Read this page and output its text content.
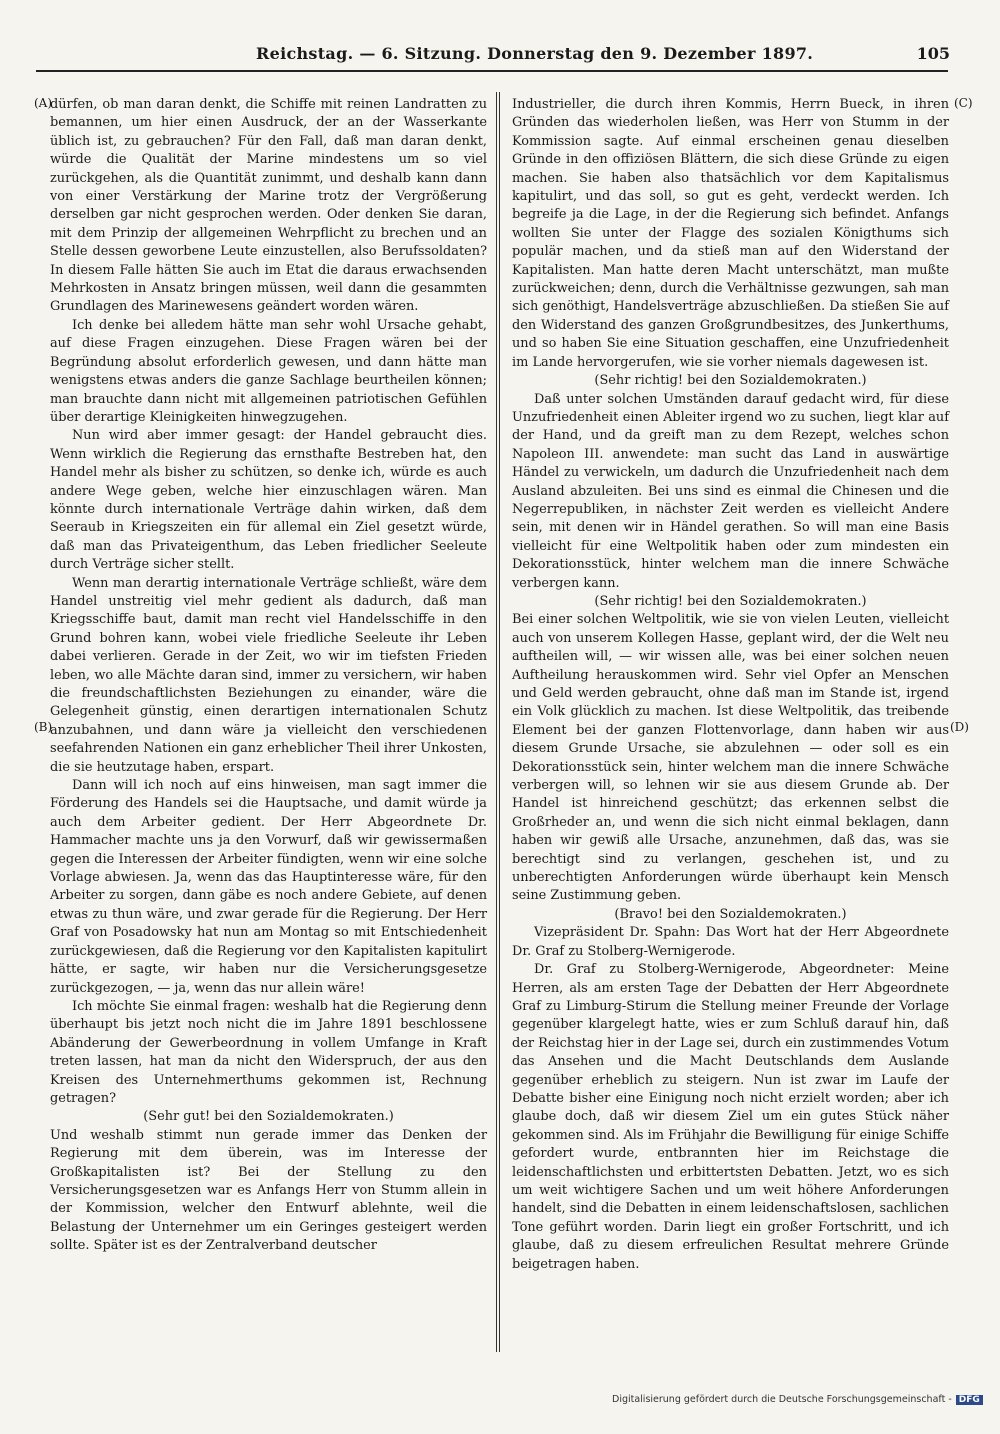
Reichstag. — 6. Sitzung. Donnerstag den 9. Dezember 1897.	105
(A)
(B)
(C)
(D)

dürfen, ob man daran denkt, die Schiffe mit reinen Landratten zu bemannen, um hier einen Ausdruck, der an der Wasserkante üblich ist, zu gebrauchen? Für den Fall, daß man daran denkt, würde die Qualität der Marine mindestens um so viel zurückgehen, als die Quantität zunimmt, und deshalb kann dann von einer Verstärkung der Marine trotz der Vergrößerung derselben gar nicht gesprochen werden. Oder denken Sie daran, mit dem Prinzip der allgemeinen Wehrpflicht zu brechen und an Stelle dessen geworbene Leute einzustellen, also Berufssoldaten? In diesem Falle hätten Sie auch im Etat die daraus erwachsenden Mehrkosten in Ansatz bringen müssen, weil dann die gesammten Grundlagen des Marinewesens geändert worden wären.

Ich denke bei alledem hätte man sehr wohl Ursache gehabt, auf diese Fragen einzugehen. Diese Fragen wären bei der Begründung absolut erforderlich gewesen, und dann hätte man wenigstens etwas anders die ganze Sachlage beurtheilen können; man brauchte dann nicht mit allgemeinen patriotischen Gefühlen über derartige Kleinigkeiten hinwegzugehen.

Nun wird aber immer gesagt: der Handel gebraucht dies. Wenn wirklich die Regierung das ernsthafte Bestreben hat, den Handel mehr als bisher zu schützen, so denke ich, würde es auch andere Wege geben, welche hier einzuschlagen wären. Man könnte durch internationale Verträge dahin wirken, daß dem Seeraub in Kriegszeiten ein für allemal ein Ziel gesetzt würde, daß man das Privateigenthum, das Leben friedlicher Seeleute durch Verträge sicher stellt.

Wenn man derartig internationale Verträge schließt, wäre dem Handel unstreitig viel mehr gedient als dadurch, daß man Kriegsschiffe baut, damit man recht viel Handelsschiffe in den Grund bohren kann, wobei viele friedliche Seeleute ihr Leben dabei verlieren. Gerade in der Zeit, wo wir im tiefsten Frieden leben, wo alle Mächte daran sind, immer zu versichern, wir haben die freundschaftlichsten Beziehungen zu einander, wäre die Gelegenheit günstig, einen derartigen internationalen Schutz anzubahnen, und dann wäre ja vielleicht den verschiedenen seefahrenden Nationen ein ganz erheblicher Theil ihrer Unkosten, die sie heutzutage haben, erspart.

Dann will ich noch auf eins hinweisen, man sagt immer die Förderung des Handels sei die Hauptsache, und damit würde ja auch dem Arbeiter gedient. Der Herr Abgeordnete Dr. Hammacher machte uns ja den Vorwurf, daß wir gewissermaßen gegen die Interessen der Arbeiter fündigten, wenn wir eine solche Vorlage abwiesen. Ja, wenn das das Hauptinteresse wäre, für den Arbeiter zu sorgen, dann gäbe es noch andere Gebiete, auf denen etwas zu thun wäre, und zwar gerade für die Regierung. Der Herr Graf von Posadowsky hat nun am Montag so mit Entschiedenheit zurückgewiesen, daß die Regierung vor den Kapitalisten kapitulirt hätte, er sagte, wir haben nur die Versicherungsgesetze zurückgezogen, — ja, wenn das nur allein wäre!

Ich möchte Sie einmal fragen: weshalb hat die Regierung denn überhaupt bis jetzt noch nicht die im Jahre 1891 beschlossene Abänderung der Gewerbeordnung in vollem Umfange in Kraft treten lassen, hat man da nicht den Widerspruch, der aus den Kreisen des Unternehmerthums gekommen ist, Rechnung getragen?

(Sehr gut! bei den Sozialdemokraten.)

Und weshalb stimmt nun gerade immer das Denken der Regierung mit dem überein, was im Interesse der Großkapitalisten ist? Bei der Stellung zu den Versicherungsgesetzen war es Anfangs Herr von Stumm allein in der Kommission, welcher den Entwurf ablehnte, weil die Belastung der Unternehmer um ein Geringes gesteigert werden sollte. Später ist es der Zentralverband deutscher

Industrieller, die durch ihren Kommis, Herrn Bueck, in ihren Gründen das wiederholen ließen, was Herr von Stumm in der Kommission sagte. Auf einmal erscheinen genau dieselben Gründe in den offiziösen Blättern, die sich diese Gründe zu eigen machen. Sie haben also thatsächlich vor dem Kapitalismus kapitulirt, und das soll, so gut es geht, verdeckt werden. Ich begreife ja die Lage, in der die Regierung sich befindet. Anfangs wollten Sie unter der Flagge des sozialen Königthums sich populär machen, und da stieß man auf den Widerstand der Kapitalisten. Man hatte deren Macht unterschätzt, man mußte zurückweichen; denn, durch die Verhältnisse gezwungen, sah man sich genöthigt, Handelsverträge abzuschließen. Da stießen Sie auf den Widerstand des ganzen Großgrundbesitzes, des Junkerthums, und so haben Sie eine Situation geschaffen, eine Unzufriedenheit im Lande hervorgerufen, wie sie vorher niemals dagewesen ist.

(Sehr richtig! bei den Sozialdemokraten.)

Daß unter solchen Umständen darauf gedacht wird, für diese Unzufriedenheit einen Ableiter irgend wo zu suchen, liegt klar auf der Hand, und da greift man zu dem Rezept, welches schon Napoleon III. anwendete: man sucht das Land in auswärtige Händel zu verwickeln, um dadurch die Unzufriedenheit nach dem Ausland abzuleiten. Bei uns sind es einmal die Chinesen und die Negerrepubliken, in nächster Zeit werden es vielleicht Andere sein, mit denen wir in Händel gerathen. So will man eine Basis vielleicht für eine Weltpolitik haben oder zum mindesten ein Dekorationsstück, hinter welchem man die innere Schwäche verbergen kann.

(Sehr richtig! bei den Sozialdemokraten.)

Bei einer solchen Weltpolitik, wie sie von vielen Leuten, vielleicht auch von unserem Kollegen Hasse, geplant wird, der die Welt neu auftheilen will, — wir wissen alle, was bei einer solchen neuen Auftheilung herauskommen wird. Sehr viel Opfer an Menschen und Geld werden gebraucht, ohne daß man im Stande ist, irgend ein Volk glücklich zu machen. Ist diese Weltpolitik, das treibende Element bei der ganzen Flottenvorlage, dann haben wir aus diesem Grunde Ursache, sie abzulehnen — oder soll es ein Dekorationsstück sein, hinter welchem man die innere Schwäche verbergen will, so lehnen wir sie aus diesem Grunde ab. Der Handel ist hinreichend geschützt; das erkennen selbst die Großrheder an, und wenn die sich nicht einmal beklagen, dann haben wir gewiß alle Ursache, anzunehmen, daß das, was sie berechtigt sind zu verlangen, geschehen ist, und zu unberechtigten Anforderungen würde überhaupt kein Mensch seine Zustimmung geben.

(Bravo! bei den Sozialdemokraten.)

Vizepräsident Dr. Spahn: Das Wort hat der Herr Abgeordnete Dr. Graf zu Stolberg-Wernigerode.

Dr. Graf zu Stolberg-Wernigerode, Abgeordneter: Meine Herren, als am ersten Tage der Debatten der Herr Abgeordnete Graf zu Limburg-Stirum die Stellung meiner Freunde der Vorlage gegenüber klargelegt hatte, wies er zum Schluß darauf hin, daß der Reichstag hier in der Lage sei, durch ein zustimmendes Votum das Ansehen und die Macht Deutschlands dem Auslande gegenüber erheblich zu steigern. Nun ist zwar im Laufe der Debatte bisher eine Einigung noch nicht erzielt worden; aber ich glaube doch, daß wir diesem Ziel um ein gutes Stück näher gekommen sind. Als im Frühjahr die Bewilligung für einige Schiffe gefordert wurde, entbrannten hier im Reichstage die leidenschaftlichsten und erbittertsten Debatten. Jetzt, wo es sich um weit wichtigere Sachen und um weit höhere Anforderungen handelt, sind die Debatten in einem leidenschaftslosen, sachlichen Tone geführt worden. Darin liegt ein großer Fortschritt, und ich glaube, daß zu diesem erfreulichen Resultat mehrere Gründe beigetragen haben.

Digitalisierung gefördert durch die Deutsche Forschungsgemeinschaft - DFG
